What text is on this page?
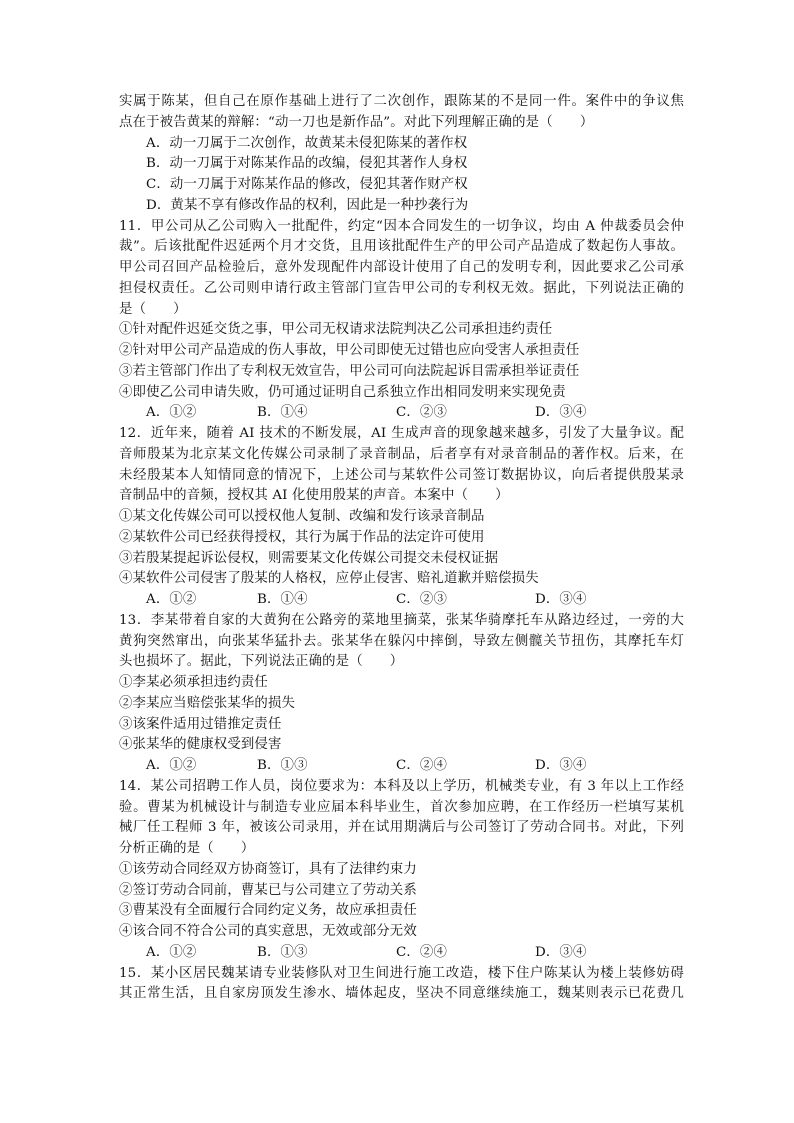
实属于陈某，但自己在原作基础上进行了二次创作，跟陈某的不是同一件。案件中的争议焦
点在于被告黄某的辩解：“动一刀也是新作品”。对此下列理解正确的是（　　）
A．动一刀属于二次创作，故黄某未侵犯陈某的著作权
B．动一刀属于对陈某作品的改编，侵犯其著作人身权
C．动一刀属于对陈某作品的修改，侵犯其著作财产权
D．黄某不享有修改作品的权利，因此是一种抄袭行为
11．甲公司从乙公司购入一批配件，约定“因本合同发生的一切争议，均由 A 仲裁委员会仲
裁”。后该批配件迟延两个月才交货，且用该批配件生产的甲公司产品造成了数起伤人事故。
甲公司召回产品检验后，意外发现配件内部设计使用了自己的发明专利，因此要求乙公司承
担侵权责任。乙公司则申请行政主管部门宣告甲公司的专利权无效。据此，下列说法正确的
是（　　）
①针对配件迟延交货之事，甲公司无权请求法院判决乙公司承担违约责任
②针对甲公司产品造成的伤人事故，甲公司即使无过错也应向受害人承担责任
③若主管部门作出了专利权无效宣告，甲公司可向法院起诉目需承担举证责任
④即使乙公司申请失败，仍可通过证明自己系独立作出相同发明来实现免责
A．①②	B．①④	C．②③	D．③④
12．近年来，随着 AI 技术的不断发展，AI 生成声音的现象越来越多，引发了大量争议。配
音师殷某为北京某文化传媒公司录制了录音制品，后者享有对录音制品的著作权。后来，在
未经殷某本人知情同意的情况下，上述公司与某软件公司签订数据协议，向后者提供殷某录
音制品中的音频，授权其 AI 化使用殷某的声音。本案中（　　）
①某文化传媒公司可以授权他人复制、改编和发行该录音制品
②某软件公司已经获得授权，其行为属于作品的法定许可使用
③若殷某提起诉讼侵权，则需要某文化传媒公司提交未侵权证据
④某软件公司侵害了殷某的人格权，应停止侵害、赔礼道歉并赔偿损失
A．①②	B．①④	C．②③	D．③④
13．李某带着自家的大黄狗在公路旁的菜地里摘菜，张某华骑摩托车从路边经过，一旁的大
黄狗突然窜出，向张某华猛扑去。张某华在躲闪中摔倒，导致左侧髋关节扭伤，其摩托车灯
头也损坏了。据此，下列说法正确的是（　　）
①李某必须承担违约责任
②李某应当赔偿张某华的损失
③该案件适用过错推定责任
④张某华的健康权受到侵害
A．①②	B．①③	C．②④	D．③④
14．某公司招聘工作人员，岗位要求为：本科及以上学历，机械类专业，有 3 年以上工作经
验。曹某为机械设计与制造专业应届本科毕业生，首次参加应聘，在工作经历一栏填写某机
械厂任工程师 3 年，被该公司录用，并在试用期满后与公司签订了劳动合同书。对此，下列
分析正确的是（　　）
①该劳动合同经双方协商签订，具有了法律约束力
②签订劳动合同前，曹某已与公司建立了劳动关系
③曹某没有全面履行合同约定义务，故应承担责任
④该合同不符合公司的真实意思，无效或部分无效
A．①②	B．①③	C．②④	D．③④
15．某小区居民魏某请专业装修队对卫生间进行施工改造，楼下住户陈某认为楼上装修妨碍
其正常生活，且自家房顶发生渗水、墙体起皮，坚决不同意继续施工，魏某则表示已花费几
